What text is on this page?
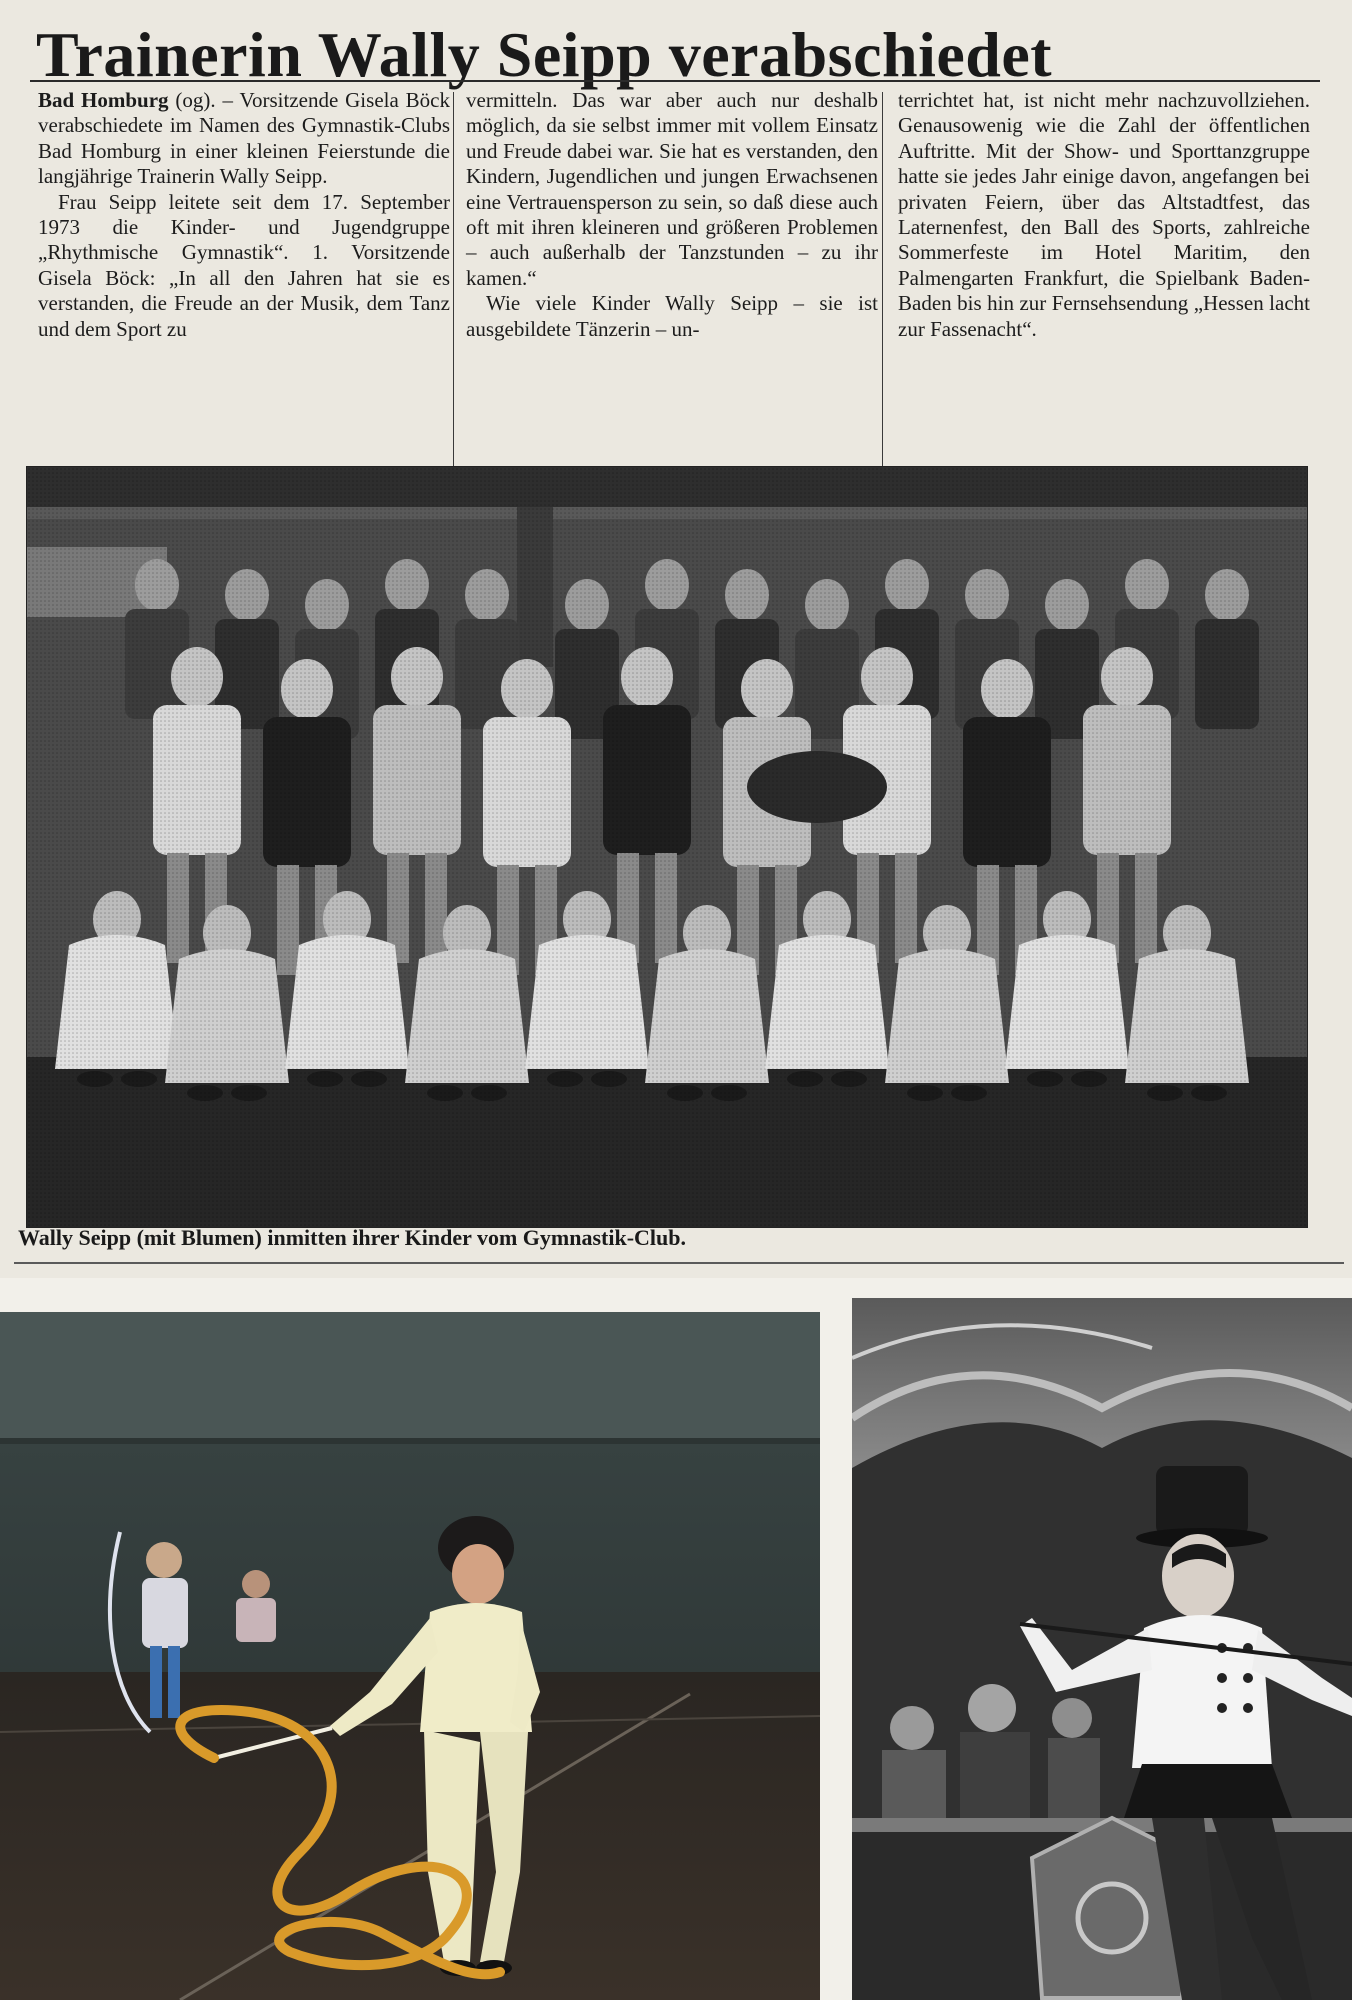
Trainerin Wally Seipp verabschiedet

Bad Homburg (og). – Vorsitzende Gisela Böck verabschiedete im Namen des Gymnastik-Clubs Bad Homburg in einer kleinen Feierstunde die langjährige Trainerin Wally Seipp.

Frau Seipp leitete seit dem 17. September 1973 die Kinder- und Jugendgruppe „Rhythmische Gymnastik“. 1. Vorsitzende Gisela Böck: „In all den Jahren hat sie es verstanden, die Freude an der Musik, dem Tanz und dem Sport zu

vermitteln. Das war aber auch nur deshalb möglich, da sie selbst immer mit vollem Einsatz und Freude dabei war. Sie hat es verstanden, den Kindern, Jugendlichen und jungen Erwachsenen eine Vertrauensperson zu sein, so daß diese auch oft mit ihren kleineren und größeren Problemen – auch außerhalb der Tanzstunden – zu ihr kamen.“

Wie viele Kinder Wally Seipp – sie ist ausgebildete Tänzerin – un-

terrichtet hat, ist nicht mehr nachzuvollziehen. Genausowenig wie die Zahl der öffentlichen Auftritte. Mit der Show- und Sporttanzgruppe hatte sie jedes Jahr einige davon, angefangen bei privaten Feiern, über das Altstadtfest, das Laternenfest, den Ball des Sports, zahlreiche Sommerfeste im Hotel Maritim, den Palmengarten Frankfurt, die Spielbank Baden-Baden bis hin zur Fernsehsendung „Hessen lacht zur Fassenacht“.

Wally Seipp (mit Blumen) inmitten ihrer Kinder vom Gymnastik-Club.
